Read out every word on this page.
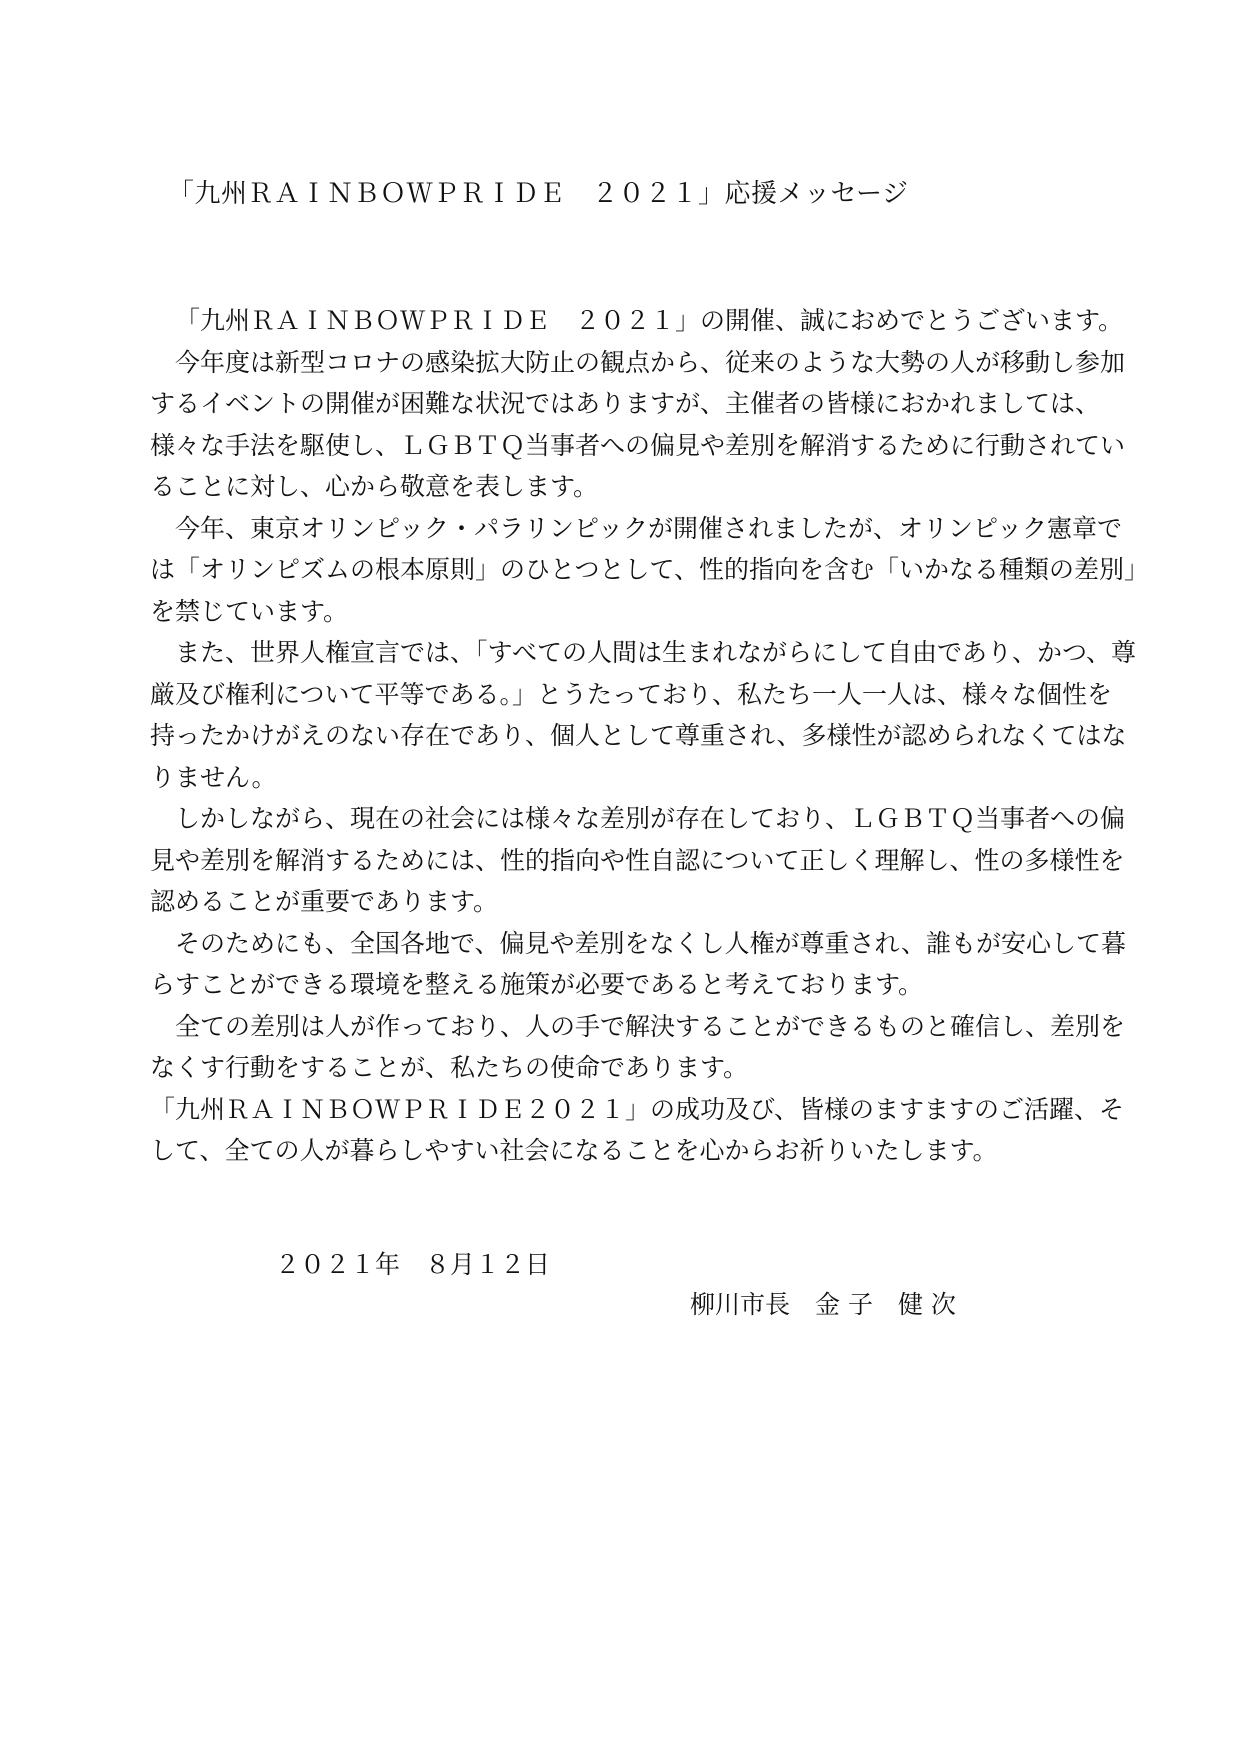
「九州ＲＡＩＮＢＯＷＰＲＩＤＥ　２０２１」応援メッセージ
「九州ＲＡＩＮＢＯＷＰＲＩＤＥ　２０２１」の開催、誠におめでとうございます。
今年度は新型コロナの感染拡大防止の観点から、従来のような大勢の人が移動し参加
するイベントの開催が困難な状況ではありますが、主催者の皆様におかれましては、
様々な手法を駆使し、ＬＧＢＴＱ当事者への偏見や差別を解消するために行動されてい
ることに対し、心から敬意を表します。
今年、東京オリンピック・パラリンピックが開催されましたが、オリンピック憲章で
は「オリンピズムの根本原則」のひとつとして、性的指向を含む「いかなる種類の差別」
を禁じています。
また、世界人権宣言では、「すべての人間は生まれながらにして自由であり、かつ、尊
厳及び権利について平等である。」とうたっており、私たち一人一人は、様々な個性を
持ったかけがえのない存在であり、個人として尊重され、多様性が認められなくてはな
りません。
しかしながら、現在の社会には様々な差別が存在しており、ＬＧＢＴＱ当事者への偏
見や差別を解消するためには、性的指向や性自認について正しく理解し、性の多様性を
認めることが重要であります。
そのためにも、全国各地で、偏見や差別をなくし人権が尊重され、誰もが安心して暮
らすことができる環境を整える施策が必要であると考えております。
全ての差別は人が作っており、人の手で解決することができるものと確信し、差別を
なくす行動をすることが、私たちの使命であります。
「九州ＲＡＩＮＢＯＷＰＲＩＤＥ２０２１」の成功及び、皆様のますますのご活躍、そ
して、全ての人が暮らしやすい社会になることを心からお祈りいたします。
２０２１年　８月１２日
柳川市長　金 子　健 次
